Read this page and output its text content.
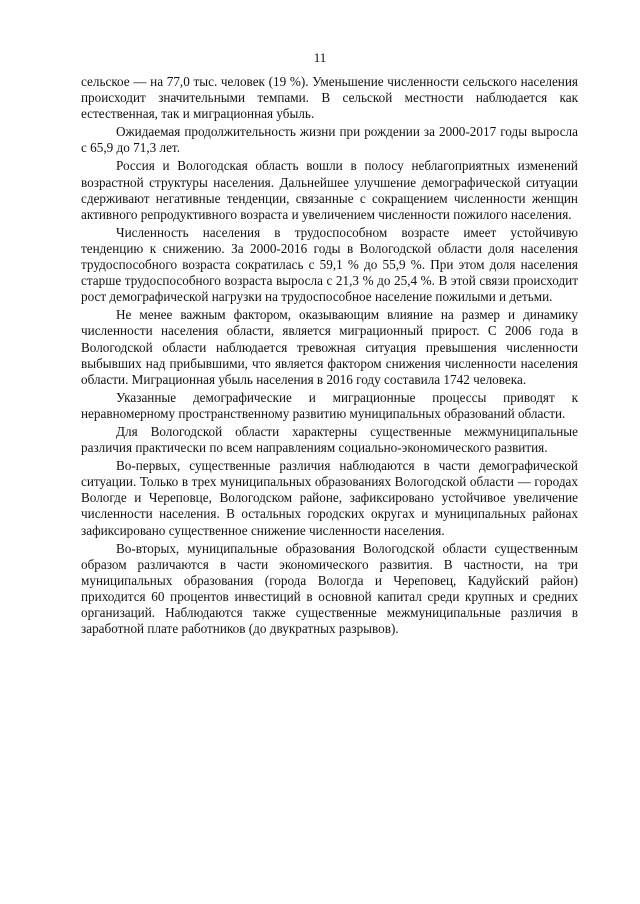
11

сельское — на 77,0 тыс. человек (19 %). Уменьшение численности сельского населения происходит значительными темпами. В сельской местности наблюдается как естественная, так и миграционная убыль.

Ожидаемая продолжительность жизни при рождении за 2000-2017 годы выросла с 65,9 до 71,3 лет.

Россия и Вологодская область вошли в полосу неблагоприятных изменений возрастной структуры населения. Дальнейшее улучшение демографической ситуации сдерживают негативные тенденции, связанные с сокращением численности женщин активного репродуктивного возраста и увеличением численности пожилого населения.

Численность населения в трудоспособном возрасте имеет устойчивую тенденцию к снижению. За 2000-2016 годы в Вологодской области доля населения трудоспособного возраста сократилась с 59,1 % до 55,9 %. При этом доля населения старше трудоспособного возраста выросла с 21,3 % до 25,4 %. В этой связи происходит рост демографической нагрузки на трудоспособное население пожилыми и детьми.

Не менее важным фактором, оказывающим влияние на размер и динамику численности населения области, является миграционный прирост. С 2006 года в Вологодской области наблюдается тревожная ситуация превышения численности выбывших над прибывшими, что является фактором снижения численности населения области. Миграционная убыль населения в 2016 году составила 1742 человека.

Указанные демографические и миграционные процессы приводят к неравномерному пространственному развитию муниципальных образований области.

Для Вологодской области характерны существенные межмуниципальные различия практически по всем направлениям социально-экономического развития.

Во-первых, существенные различия наблюдаются в части демографической ситуации. Только в трех муниципальных образованиях Вологодской области — городах Вологде и Череповце, Вологодском районе, зафиксировано устойчивое увеличение численности населения. В остальных городских округах и муниципальных районах зафиксировано существенное снижение численности населения.

Во-вторых, муниципальные образования Вологодской области существенным образом различаются в части экономического развития. В частности, на три муниципальных образования (города Вологда и Череповец, Кадуйский район) приходится 60 процентов инвестиций в основной капитал среди крупных и средних организаций. Наблюдаются также существенные межмуниципальные различия в заработной плате работников (до двукратных разрывов).
